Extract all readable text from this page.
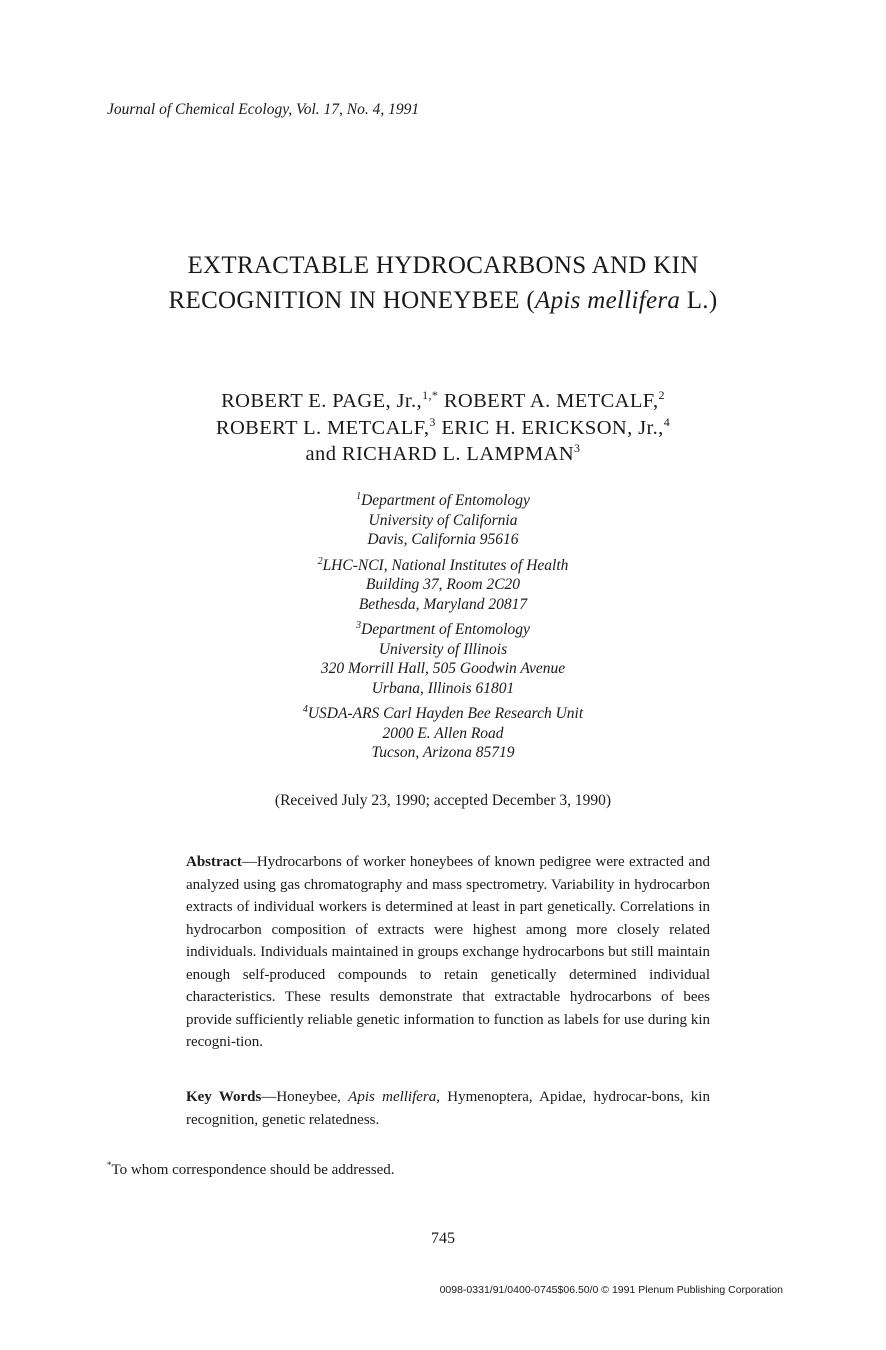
Journal of Chemical Ecology, Vol. 17, No. 4, 1991
EXTRACTABLE HYDROCARBONS AND KIN
RECOGNITION IN HONEYBEE (Apis mellifera L.)
ROBERT E. PAGE, Jr.,$^{1,*}$ ROBERT A. METCALF,$^2$
ROBERT L. METCALF,$^3$ ERIC H. ERICKSON, Jr.,$^4$
and RICHARD L. LAMPMAN$^3$
$^1$Department of Entomology
University of California
Davis, California 95616
$^2$LHC-NCI, National Institutes of Health
Building 37, Room 2C20
Bethesda, Maryland 20817
$^3$Department of Entomology
University of Illinois
320 Morrill Hall, 505 Goodwin Avenue
Urbana, Illinois 61801
$^4$USDA-ARS Carl Hayden Bee Research Unit
2000 E. Allen Road
Tucson, Arizona 85719
(Received July 23, 1990; accepted December 3, 1990)
Abstract—Hydrocarbons of worker honeybees of known pedigree were extracted and analyzed using gas chromatography and mass spectrometry. Variability in hydrocarbon extracts of individual workers is determined at least in part genetically. Correlations in hydrocarbon composition of extracts were highest among more closely related individuals. Individuals maintained in groups exchange hydrocarbons but still maintain enough self-produced compounds to retain genetically determined individual characteristics. These results demonstrate that extractable hydrocarbons of bees provide sufficiently reliable genetic information to function as labels for use during kin recogni-tion.
Key Words—Honeybee, Apis mellifera, Hymenoptera, Apidae, hydrocar-bons, kin recognition, genetic relatedness.
*To whom correspondence should be addressed.
745
0098-0331/91/0400-0745$06.50/0 © 1991 Plenum Publishing Corporation
